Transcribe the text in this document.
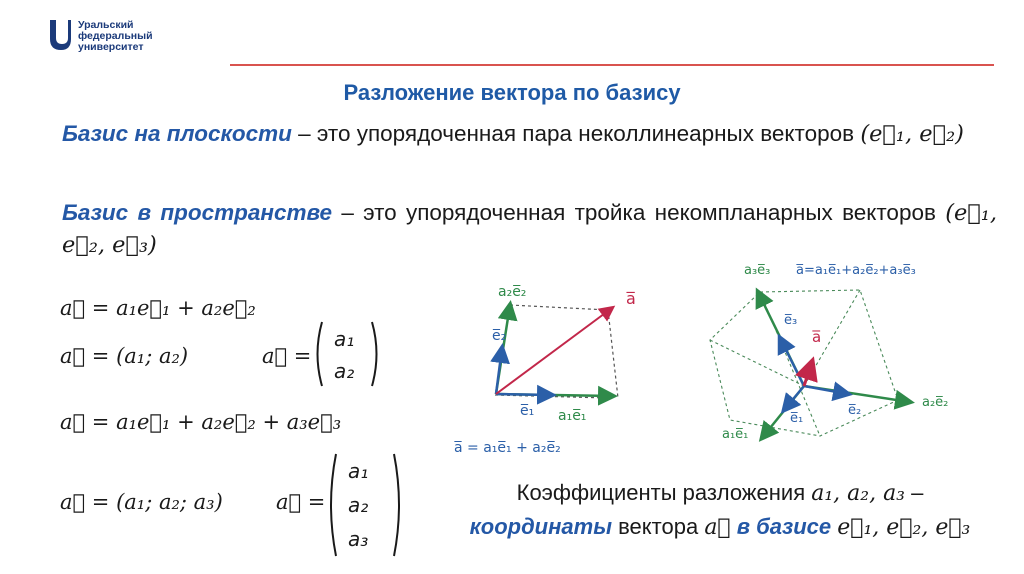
Уральский
федеральный
университет
Разложение вектора по базису
Базис на плоскости – это упорядоченная пара неколлинеарных векторов (e⃗₁, e⃗₂)
Базис в пространстве – это упорядоченная тройка некомпланарных векторов (e⃗₁, e⃗₂, e⃗₃)
a⃗ = a₁e⃗₁ + a₂e⃗₂
a⃗ = (a₁; a₂)	a⃗ =
a₁
a₂
a⃗ = a₁e⃗₁ + a₂e⃗₂ + a₃e⃗₃
a⃗ = (a₁; a₂; a₃)	a⃗ =
a₁
a₂
a₃
a₂e̅₂
e̅₂
a̅
e̅₁ a₁e̅₁
a̅ = a₁e̅₁ + a₂e̅₂
a₃e̅₃ a̅=a₁e̅₁+a₂e̅₂+a₃e̅₃
e̅₃
a̅
e̅₁
e̅₂
a₂e̅₂
a₁e̅₁
Коэффициенты разложения a₁, a₂, a₃ –
координаты вектора a⃗ в базисе e⃗₁, e⃗₂, e⃗₃
